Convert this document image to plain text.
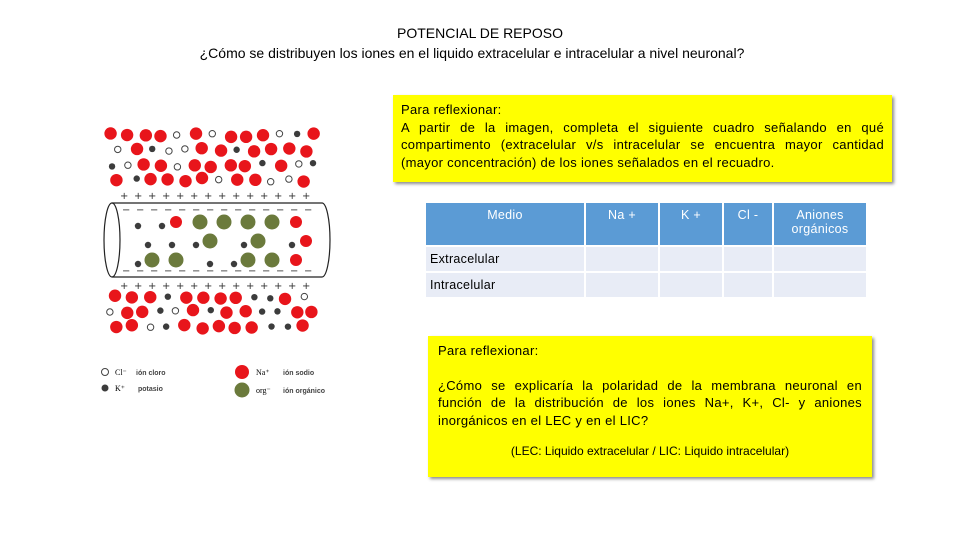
POTENCIAL DE REPOSO
¿Cómo se distribuyen los iones en el liquido extracelular e intracelular a nivel neuronal?
Para reflexionar:
A partir de la imagen, completa el siguiente cuadro señalando en qué compartimento (extracelular v/s intracelular se encuentra mayor cantidad (mayor concentración) de los iones señalados en el recuadro.
Medio	Na +	K +	Cl -	Aniones orgánicos
Extracelular				
Intracelular				
Para reflexionar:
¿Cómo se explicaría la polaridad de la membrana neuronal en función de la distribución de los iones Na+, K+, Cl- y aniones inorgánicos en el LEC y en el LIC?
(LEC: Liquido extracelular / LIC: Liquido intracelular)
+
−
−
+
+
−
−
+
+
−
−
+
+
−
−
+
+
−
−
+
+
−
−
+
+
−
−
+
+
−
−
+
+
−
−
+
+
−
−
+
+
−
−
+
+
−
−
+
+
−
−
+
+
−
−
+
Cl⁻ ión cloro
K⁺ potasio
Na⁺ ión sodio
org⁻ ión orgánico
